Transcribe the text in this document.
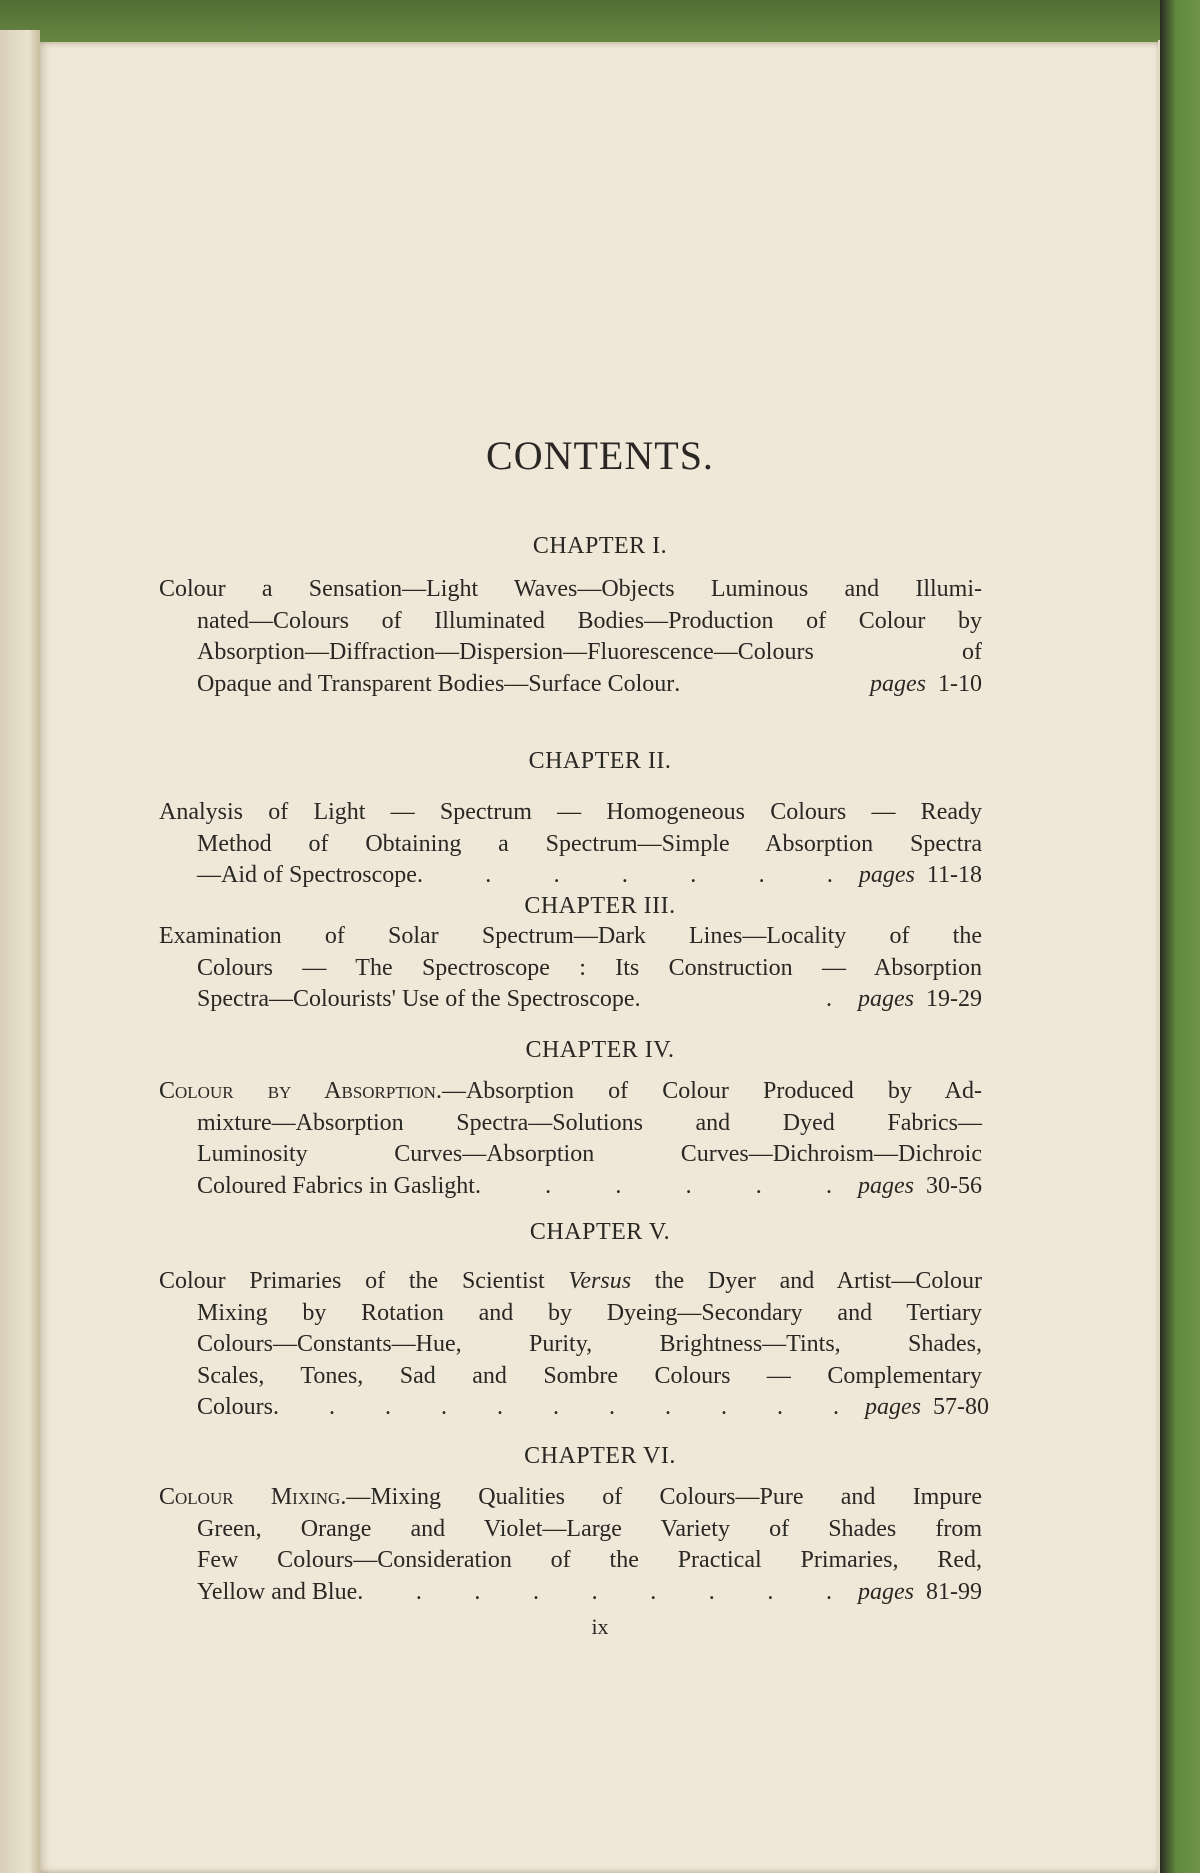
CONTENTS.
CHAPTER I.
Colour a Sensation—Light Waves—Objects Luminous and Illumi-
nated—Colours of Illuminated Bodies—Production of Colour by
Absorption—Diffraction—Dispersion—Fluorescence—Colours of
Opaque and Transparent Bodies—Surface Colour .	pages 1-10
CHAPTER II.
Analysis of Light — Spectrum — Homogeneous Colours — Ready
Method of Obtaining a Spectrum—Simple Absorption Spectra
—Aid of Spectroscope . . . . . . . pages 11-18
CHAPTER III.
Examination of Solar Spectrum—Dark Lines—Locality of the
Colours — The Spectroscope : Its Construction — Absorption
Spectra—Colourists' Use of the Spectroscope . . pages 19-29
CHAPTER IV.
Colour by Absorption.—Absorption of Colour Produced by Ad-
mixture—Absorption Spectra—Solutions and Dyed Fabrics—
Luminosity Curves—Absorption Curves—Dichroism—Dichroic
Coloured Fabrics in Gaslight . . . . . . pages 30-56
CHAPTER V.
Colour Primaries of the Scientist Versus the Dyer and Artist—Colour
Mixing by Rotation and by Dyeing—Secondary and Tertiary
Colours—Constants—Hue, Purity, Brightness—Tints, Shades,
Scales, Tones, Sad and Sombre Colours — Complementary
Colours . . . . . . . . . . . pages 57-80
CHAPTER VI.
Colour Mixing.—Mixing Qualities of Colours—Pure and Impure
Green, Orange and Violet—Large Variety of Shades from
Few Colours—Consideration of the Practical Primaries, Red,
Yellow and Blue . . . . . . . . . pages 81-99
ix
